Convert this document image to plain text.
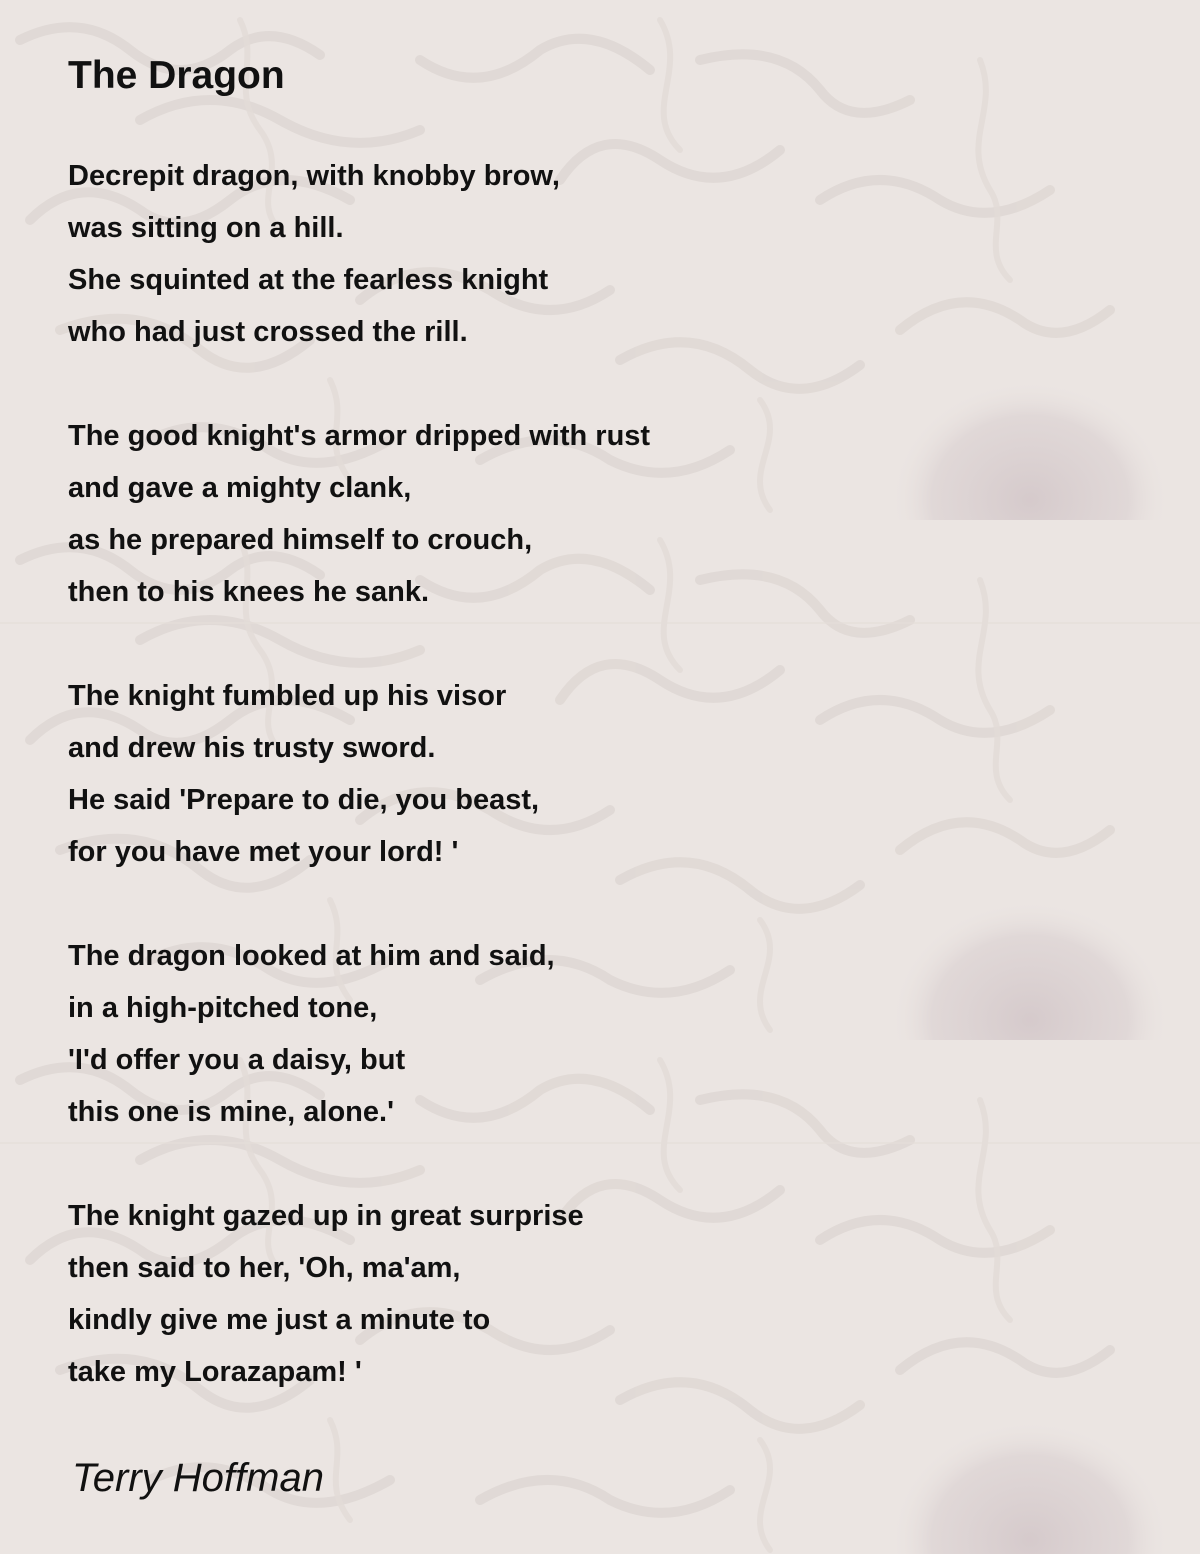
The Dragon
Decrepit dragon, with knobby brow,
was sitting on a hill.
She squinted at the fearless knight
who had just crossed the rill.
The good knight's armor dripped with rust
and gave a mighty clank,
as he prepared himself to crouch,
then to his knees he sank.
The knight fumbled up his visor
and drew his trusty sword.
He said 'Prepare to die, you beast,
for you have met your lord! '
The dragon looked at him and said,
in a high-pitched tone,
'I'd offer you a daisy, but
this one is mine, alone.'
The knight gazed up in great surprise
then said to her, 'Oh, ma'am,
kindly give me just a minute to
take my Lorazapam! '

Terry Hoffman
